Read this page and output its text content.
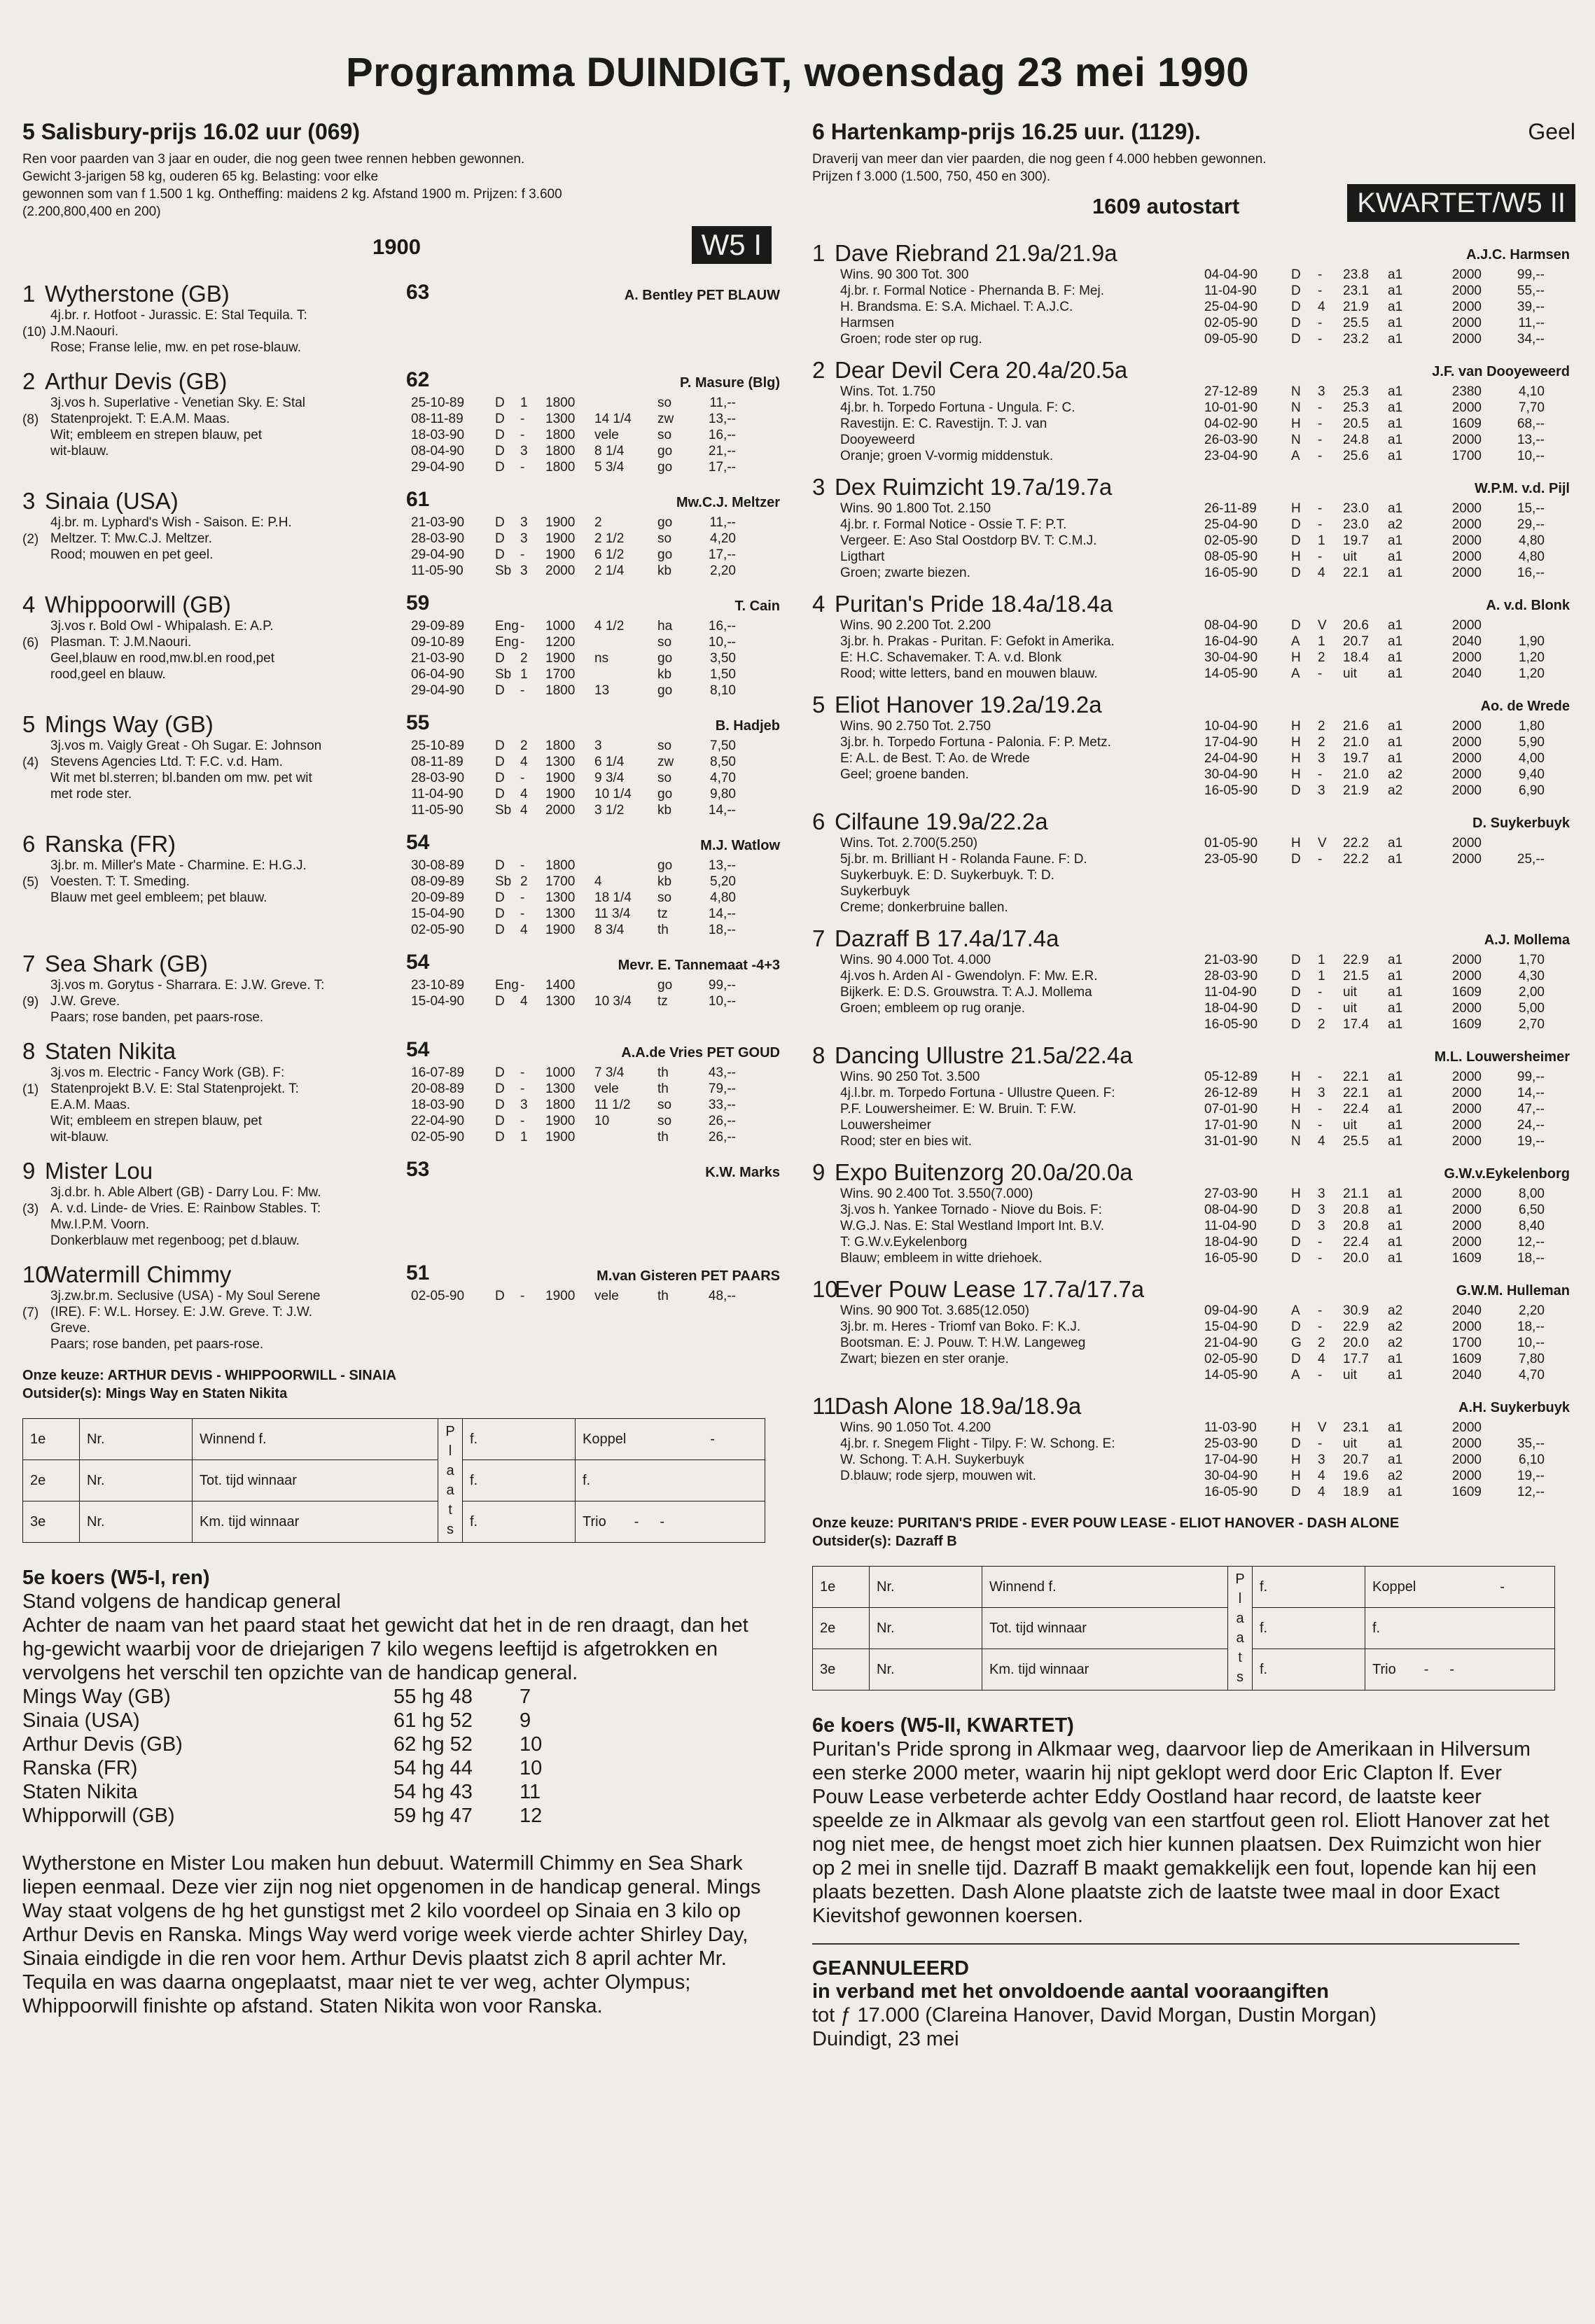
Programma DUINDIGT, woensdag 23 mei 1990
5 Salisbury-prijs 16.02 uur (069)
Ren voor paarden van 3 jaar en ouder, die nog geen twee rennen hebben gewonnen.
Gewicht 3-jarigen 58 kg, ouderen 65 kg. Belasting: voor elke
gewonnen som van f 1.500 1 kg. Ontheffing: maidens 2 kg. Afstand 1900 m. Prijzen: f 3.600
(2.200,800,400 en 200)
1900	W5 I
1 Wytherstone (GB)	63	A. Bentley PET BLAUW
(10)
4j.br. r. Hotfoot - Jurassic. E: Stal Tequila. T:
J.M.Naouri.
Rose; Franse lelie, mw. en pet rose-blauw.
2 Arthur Devis (GB)	62	P. Masure (Blg)
(8)
3j.vos h. Superlative - Venetian Sky. E: Stal
Statenprojekt. T: E.A.M. Maas.
Wit; embleem en strepen blauw, pet
wit-blauw.
25-10-89	D	1	1800	so	11,--
08-11-89	D	-	1300	14 1/4	zw	13,--
18-03-90	D	-	1800	vele	so	16,--
08-04-90	D	3	1800	8 1/4	go	21,--
29-04-90	D	-	1800	5 3/4	go	17,--
3 Sinaia (USA)	61	Mw.C.J. Meltzer
(2)
4j.br. m. Lyphard's Wish - Saison. E: P.H.
Meltzer. T: Mw.C.J. Meltzer.
Rood; mouwen en pet geel.
21-03-90	D	3	1900	2	go	11,--
28-03-90	D	3	1900	2 1/2	so	4,20
29-04-90	D	-	1900	6 1/2	go	17,--
11-05-90	Sb 3	2000	2 1/4	kb	2,20
4 Whippoorwill (GB)	59	T. Cain
(6)
3j.vos r. Bold Owl - Whipalash. E: A.P.
Plasman. T: J.M.Naouri.
Geel,blauw en rood,mw.bl.en rood,pet
rood,geel en blauw.
29-09-89	Eng -	1000	4 1/2	ha	16,--
09-10-89	Eng -	1200	so	10,--
21-03-90	D	2	1900	ns	go	3,50
06-04-90	Sb 1	1700	kb	1,50
29-04-90	D	-	1800	13	go	8,10
5 Mings Way (GB)	55	B. Hadjeb
(4)
3j.vos m. Vaigly Great - Oh Sugar. E: Johnson
Stevens Agencies Ltd. T: F.C. v.d. Ham.
Wit met bl.sterren; bl.banden om mw. pet wit
met rode ster.
25-10-89	D	2	1800	3	so	7,50
08-11-89	D	4	1300	6 1/4	zw	8,50
28-03-90	D	-	1900	9 3/4	so	4,70
11-04-90	D	4	1900	10 1/4	go	9,80
11-05-90	Sb 4	2000	3 1/2	kb	14,--
6 Ranska (FR)	54	M.J. Watlow
(5)
3j.br. m. Miller's Mate - Charmine. E: H.G.J.
Voesten. T: T. Smeding.
Blauw met geel embleem; pet blauw.
30-08-89	D	-	1800	go	13,--
08-09-89	Sb 2	1700	4	kb	5,20
20-09-89	D	-	1300	18 1/4	so	4,80
15-04-90	D	-	1300	11 3/4	tz	14,--
02-05-90	D	4	1900	8 3/4	th	18,--
7 Sea Shark (GB)	54	Mevr. E. Tannemaat -4+3
(9)
3j.vos m. Gorytus - Sharrara. E: J.W. Greve. T:
J.W. Greve.
Paars; rose banden, pet paars-rose.
23-10-89	Eng -	1400	go	99,--
15-04-90	D	4	1300	10 3/4	tz	10,--
8 Staten Nikita	54	A.A.de Vries PET GOUD
(1)
3j.vos m. Electric - Fancy Work (GB). F:
Statenprojekt B.V. E: Stal Statenprojekt. T:
E.A.M. Maas.
Wit; embleem en strepen blauw, pet
wit-blauw.
16-07-89	D	-	1000	7 3/4	th	43,--
20-08-89	D	-	1300	vele	th	79,--
18-03-90	D	3	1800	11 1/2	so	33,--
22-04-90	D	-	1900	10	so	26,--
02-05-90	D	1	1900	th	26,--
9 Mister Lou	53	K.W. Marks
(3)
3j.d.br. h. Able Albert (GB) - Darry Lou. F: Mw.
A. v.d. Linde- de Vries. E: Rainbow Stables. T:
Mw.I.P.M. Voorn.
Donkerblauw met regenboog; pet d.blauw.
10
Watermill Chimmy	51	M.van Gisteren PET PAARS
(7)
3j.zw.br.m. Seclusive (USA) - My Soul Serene
(IRE). F: W.L. Horsey. E: J.W. Greve. T: J.W.
Greve.
Paars; rose banden, pet paars-rose.
02-05-90	D	-	1900	vele	th	48,--
Onze keuze: ARTHUR DEVIS - WHIPPOORWILL - SINAIA
Outsider(s): Mings Way en Staten Nikita
1e	Nr.	Winnend f.	P l a a t s	f.	Koppel -
2e	Nr.	Tot. tijd winnaar		f.	f.
3e	Nr.	Km. tijd winnaar		f.	Trio - -
5e koers (W5-I, ren)
Stand volgens de handicap general
Achter de naam van het paard staat het gewicht dat het in de ren draagt, dan het hg-gewicht waarbij voor de driejarigen 7 kilo wegens leeftijd is afgetrokken en vervolgens het verschil ten opzichte van de handicap general.
Mings Way (GB)	55 hg 48	7
Sinaia (USA)	61 hg 52	9
Arthur Devis (GB)	62 hg 52	10
Ranska (FR)	54 hg 44	10
Staten Nikita	54 hg 43	11
Whipporwill (GB)	59 hg 47	12
Wytherstone en Mister Lou maken hun debuut. Watermill Chimmy en Sea Shark liepen eenmaal. Deze vier zijn nog niet opgenomen in de handicap general. Mings Way staat volgens de hg het gunstigst met 2 kilo voordeel op Sinaia en 3 kilo op Arthur Devis en Ranska. Mings Way werd vorige week vierde achter Shirley Day, Sinaia eindigde in die ren voor hem. Arthur Devis plaatst zich 8 april achter Mr. Tequila en was daarna ongeplaatst, maar niet te ver weg, achter Olympus; Whippoorwill finishte op afstand. Staten Nikita won voor Ranska.
6 Hartenkamp-prijs 16.25 uur. (1129).	Geel
Draverij van meer dan vier paarden, die nog geen f 4.000 hebben gewonnen.
Prijzen f 3.000 (1.500, 750, 450 en 300).
1609 autostart	KWARTET/W5 II
1 Dave Riebrand 21.9a/21.9a	A.J.C. Harmsen
Wins. 90 300 Tot. 300
4j.br. r. Formal Notice - Phernanda B. F: Mej.
H. Brandsma. E: S.A. Michael. T: A.J.C.
Harmsen
Groen; rode ster op rug.
04-04-90	D	-	23.8	a1	2000	99,--
11-04-90	D	-	23.1	a1	2000	55,--
25-04-90	D	4	21.9	a1	2000	39,--
02-05-90	D	-	25.5	a1	2000	11,--
09-05-90	D	-	23.2	a1	2000	34,--
2 Dear Devil Cera 20.4a/20.5a	J.F. van Dooyeweerd
Wins. Tot. 1.750
4j.br. h. Torpedo Fortuna - Ungula. F: C.
Ravestijn. E: C. Ravestijn. T: J. van
Dooyeweerd
Oranje; groen V-vormig middenstuk.
27-12-89	N	3	25.3	a1	2380	4,10
10-01-90	N	-	25.3	a1	2000	7,70
04-02-90	H	-	20.5	a1	1609	68,--
26-03-90	N	-	24.8	a1	2000	13,--
23-04-90	A	-	25.6	a1	1700	10,--
3 Dex Ruimzicht 19.7a/19.7a	W.P.M. v.d. Pijl
Wins. 90 1.800 Tot. 2.150
4j.br. r. Formal Notice - Ossie T. F: P.T.
Vergeer. E: Aso Stal Oostdorp BV. T: C.M.J.
Ligthart
Groen; zwarte biezen.
26-11-89	H	-	23.0	a1	2000	15,--
25-04-90	D	-	23.0	a2	2000	29,--
02-05-90	D	1	19.7	a1	2000	4,80
08-05-90	H	-	uit	a1	2000	4,80
16-05-90	D	4	22.1	a1	2000	16,--
4 Puritan's Pride 18.4a/18.4a	A. v.d. Blonk
Wins. 90 2.200 Tot. 2.200
3j.br. h. Prakas - Puritan. F: Gefokt in Amerika.
E: H.C. Schavemaker. T: A. v.d. Blonk
Rood; witte letters, band en mouwen blauw.
08-04-90	D	V	20.6	a1	2000
16-04-90	A	1	20.7	a1	2040	1,90
30-04-90	H	2	18.4	a1	2000	1,20
14-05-90	A	-	uit	a1	2040	1,20
5 Eliot Hanover 19.2a/19.2a	Ao. de Wrede
Wins. 90 2.750 Tot. 2.750
3j.br. h. Torpedo Fortuna - Palonia. F: P. Metz.
E: A.L. de Best. T: Ao. de Wrede
Geel; groene banden.
10-04-90	H	2	21.6	a1	2000	1,80
17-04-90	H	2	21.0	a1	2000	5,90
24-04-90	H	3	19.7	a1	2000	4,00
30-04-90	H	-	21.0	a2	2000	9,40
16-05-90	D	3	21.9	a2	2000	6,90
6 Cilfaune 19.9a/22.2a	D. Suykerbuyk
Wins. Tot. 2.700(5.250)
5j.br. m. Brilliant H - Rolanda Faune. F: D.
Suykerbuyk. E: D. Suykerbuyk. T: D.
Suykerbuyk
Creme; donkerbruine ballen.
01-05-90	H	V	22.2	a1	2000
23-05-90	D	-	22.2	a1	2000	25,--
7 Dazraff B 17.4a/17.4a	A.J. Mollema
Wins. 90 4.000 Tot. 4.000
4j.vos h. Arden Al - Gwendolyn. F: Mw. E.R.
Bijkerk. E: D.S. Grouwstra. T: A.J. Mollema
Groen; embleem op rug oranje.
21-03-90	D	1	22.9	a1	2000	1,70
28-03-90	D	1	21.5	a1	2000	4,30
11-04-90	D	-	uit	a1	1609	2,00
18-04-90	D	-	uit	a1	2000	5,00
16-05-90	D	2	17.4	a1	1609	2,70
8 Dancing Ullustre 21.5a/22.4a	M.L. Louwersheimer
Wins. 90 250 Tot. 3.500
4j.l.br. m. Torpedo Fortuna - Ullustre Queen. F:
P.F. Louwersheimer. E: W. Bruin. T: F.W.
Louwersheimer
Rood; ster en bies wit.
05-12-89	H	-	22.1	a1	2000	99,--
26-12-89	H	3	22.1	a1	2000	14,--
07-01-90	H	-	22.4	a1	2000	47,--
17-01-90	N	-	uit	a1	2000	24,--
31-01-90	N	4	25.5	a1	2000	19,--
9 Expo Buitenzorg 20.0a/20.0a	G.W.v.Eykelenborg
Wins. 90 2.400 Tot. 3.550(7.000)
3j.vos h. Yankee Tornado - Niove du Bois. F:
W.G.J. Nas. E: Stal Westland Import Int. B.V.
T: G.W.v.Eykelenborg
Blauw; embleem in witte driehoek.
27-03-90	H	3	21.1	a1	2000	8,00
08-04-90	D	3	20.8	a1	2000	6,50
11-04-90	D	3	20.8	a1	2000	8,40
18-04-90	D	-	22.4	a1	2000	12,--
16-05-90	D	-	20.0	a1	1609	18,--
10
Ever Pouw Lease 17.7a/17.7a	G.W.M. Hulleman
Wins. 90 900 Tot. 3.685(12.050)
3j.br. m. Heres - Triomf van Boko. F: K.J.
Bootsman. E: J. Pouw. T: H.W. Langeweg
Zwart; biezen en ster oranje.
09-04-90	A	-	30.9	a2	2040	2,20
15-04-90	D	-	22.9	a2	2000	18,--
21-04-90	G	2	20.0	a2	1700	10,--
02-05-90	D	4	17.7	a1	1609	7,80
14-05-90	A	-	uit	a1	2040	4,70
11
Dash Alone 18.9a/18.9a	A.H. Suykerbuyk
Wins. 90 1.050 Tot. 4.200
4j.br. r. Snegem Flight - Tilpy. F: W. Schong. E:
W. Schong. T: A.H. Suykerbuyk
D.blauw; rode sjerp, mouwen wit.
11-03-90	H	V	23.1	a1	2000
25-03-90	D	-	uit	a1	2000	35,--
17-04-90	H	3	20.7	a1	2000	6,10
30-04-90	H	4	19.6	a2	2000	19,--
16-05-90	D	4	18.9	a1	1609	12,--
Onze keuze: PURITAN'S PRIDE - EVER POUW LEASE - ELIOT HANOVER - DASH ALONE
Outsider(s): Dazraff B
1e	Nr.	Winnend f.	P l a a t s	f.	Koppel -
2e	Nr.	Tot. tijd winnaar		f.	f.
3e	Nr.	Km. tijd winnaar		f.	Trio - -
6e koers (W5-II, KWARTET)
Puritan's Pride sprong in Alkmaar weg, daarvoor liep de Amerikaan in Hilversum een sterke 2000 meter, waarin hij nipt geklopt werd door Eric Clapton lf. Ever Pouw Lease verbeterde achter Eddy Oostland haar record, de laatste keer speelde ze in Alkmaar als gevolg van een startfout geen rol. Eliott Hanover zat het nog niet mee, de hengst moet zich hier kunnen plaatsen. Dex Ruimzicht won hier op 2 mei in snelle tijd. Dazraff B maakt gemakkelijk een fout, lopende kan hij een plaats bezetten. Dash Alone plaatste zich de laatste twee maal in door Exact Kievitshof gewonnen koersen.
GEANNULEERD
in verband met het onvoldoende aantal vooraangiften
tot ƒ 17.000 (Clareina Hanover, David Morgan, Dustin Morgan)
Duindigt, 23 mei
